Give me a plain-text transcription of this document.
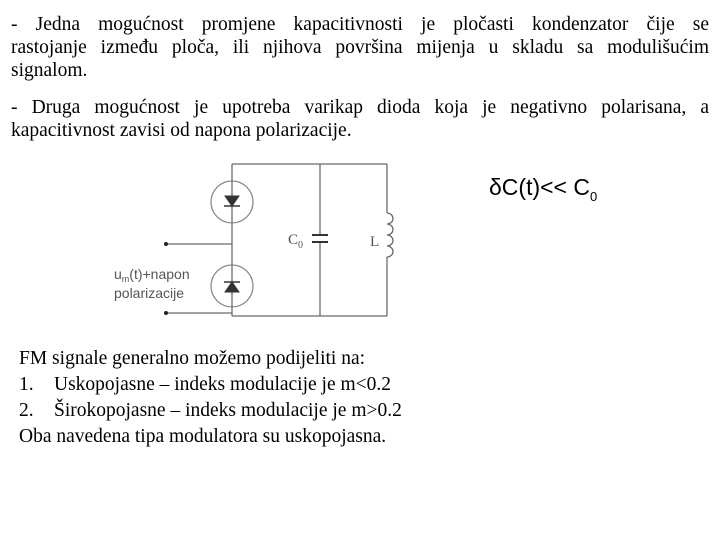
- Jedna mogućnost promjene kapacitivnosti je pločasti kondenzator čije se
rastojanje između ploča, ili njihova površina mijenja u skladu sa modulišućim
signalom.
- Druga mogućnost je upotreba varikap dioda koja je negativno polarisana, a
kapacitivnost zavisi od napona polarizacije.
$C_0$	L
$u_m(t)+napon$
polarizacije
$\delta C(t)<< C_0$
FM signale generalno možemo podijeliti na:
1. Uskopojasne – indeks modulacije je m<0.2
2. Širokopojasne – indeks modulacije je m>0.2
Oba navedena tipa modulatora su uskopojasna.
